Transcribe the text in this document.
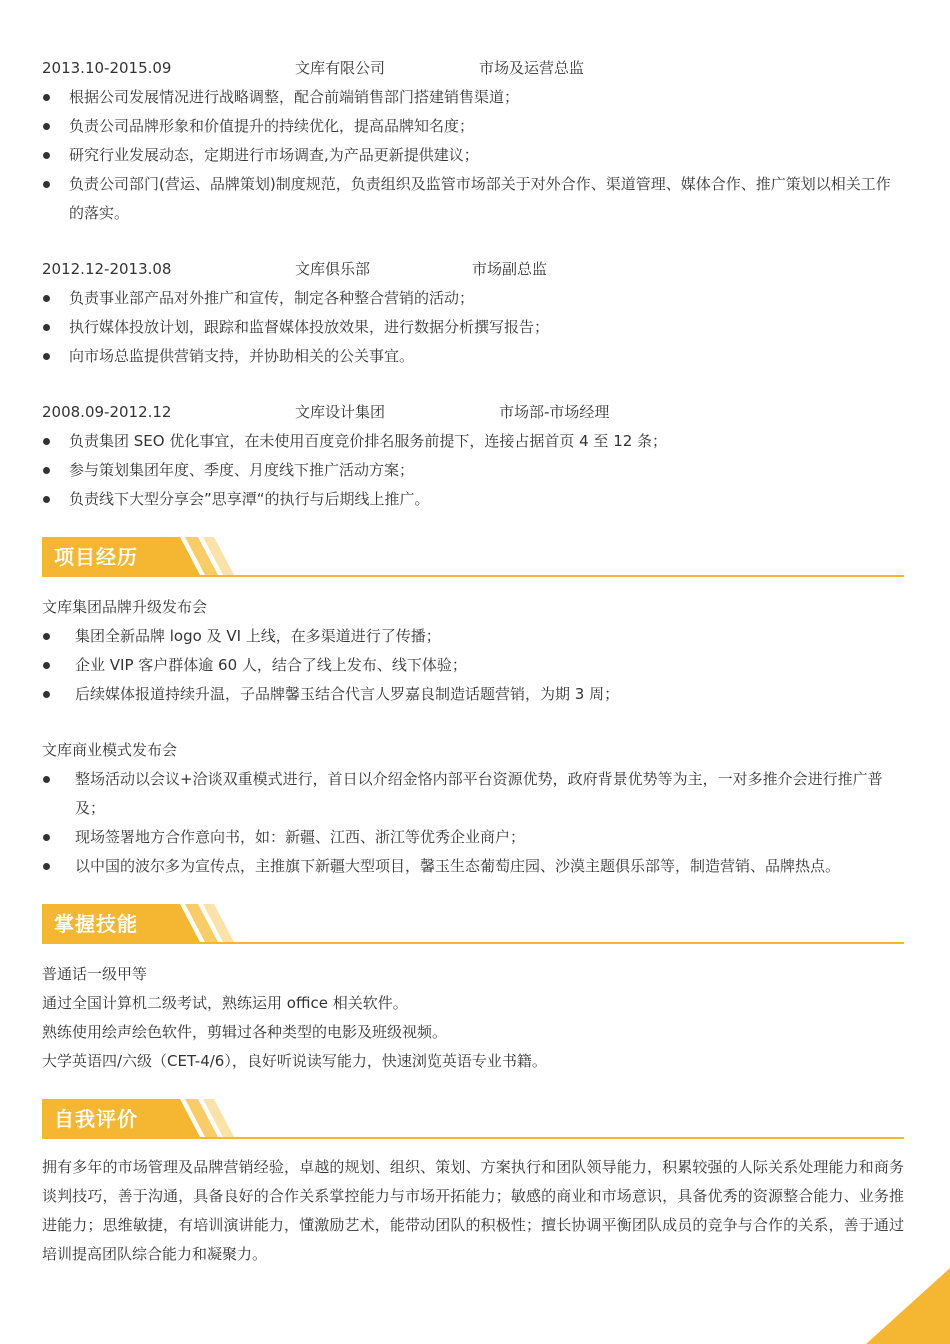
2013.10-2015.09	文库有限公司	市场及运营总监
根据公司发展情况进行战略调整，配合前端销售部门搭建销售渠道；
负责公司品牌形象和价值提升的持续优化，提高品牌知名度；
研究行业发展动态，定期进行市场调查,为产品更新提供建议；
负责公司部门(营运、品牌策划)制度规范，负责组织及监管市场部关于对外合作、渠道管理、媒体合作、推广策划以相关工作的落实。
2012.12-2013.08	文库俱乐部	市场副总监
负责事业部产品对外推广和宣传，制定各种整合营销的活动；
执行媒体投放计划，跟踪和监督媒体投放效果，进行数据分析撰写报告；
向市场总监提供营销支持，并协助相关的公关事宜。
2008.09-2012.12	文库设计集团	市场部-市场经理
负责集团 SEO 优化事宜，在未使用百度竞价排名服务前提下，连接占据首页 4 至 12 条；
参与策划集团年度、季度、月度线下推广活动方案；
负责线下大型分享会”思享潭“的执行与后期线上推广。
项目经历
文库集团品牌升级发布会
集团全新品牌 logo 及 VI 上线，在多渠道进行了传播；
企业 VIP 客户群体逾 60 人，结合了线上发布、线下体验；
后续媒体报道持续升温，子品牌馨玉结合代言人罗嘉良制造话题营销，为期 3 周；
文库商业模式发布会
整场活动以会议+洽谈双重模式进行，首日以介绍金恪内部平台资源优势，政府背景优势等为主，一对多推介会进行推广普及；
现场签署地方合作意向书，如：新疆、江西、浙江等优秀企业商户；
以中国的波尔多为宣传点，主推旗下新疆大型项目，馨玉生态葡萄庄园、沙漠主题俱乐部等，制造营销、品牌热点。
掌握技能
普通话一级甲等
通过全国计算机二级考试，熟练运用 office 相关软件。
熟练使用绘声绘色软件，剪辑过各种类型的电影及班级视频。
大学英语四/六级（CET-4/6），良好听说读写能力，快速浏览英语专业书籍。
自我评价
拥有多年的市场管理及品牌营销经验，卓越的规划、组织、策划、方案执行和团队领导能力，积累较强的人际关系处理能力和商务谈判技巧，善于沟通，具备良好的合作关系掌控能力与市场开拓能力；敏感的商业和市场意识，具备优秀的资源整合能力、业务推进能力；思维敏捷，有培训演讲能力，懂激励艺术，能带动团队的积极性；擅长协调平衡团队成员的竞争与合作的关系，善于通过培训提高团队综合能力和凝聚力。
